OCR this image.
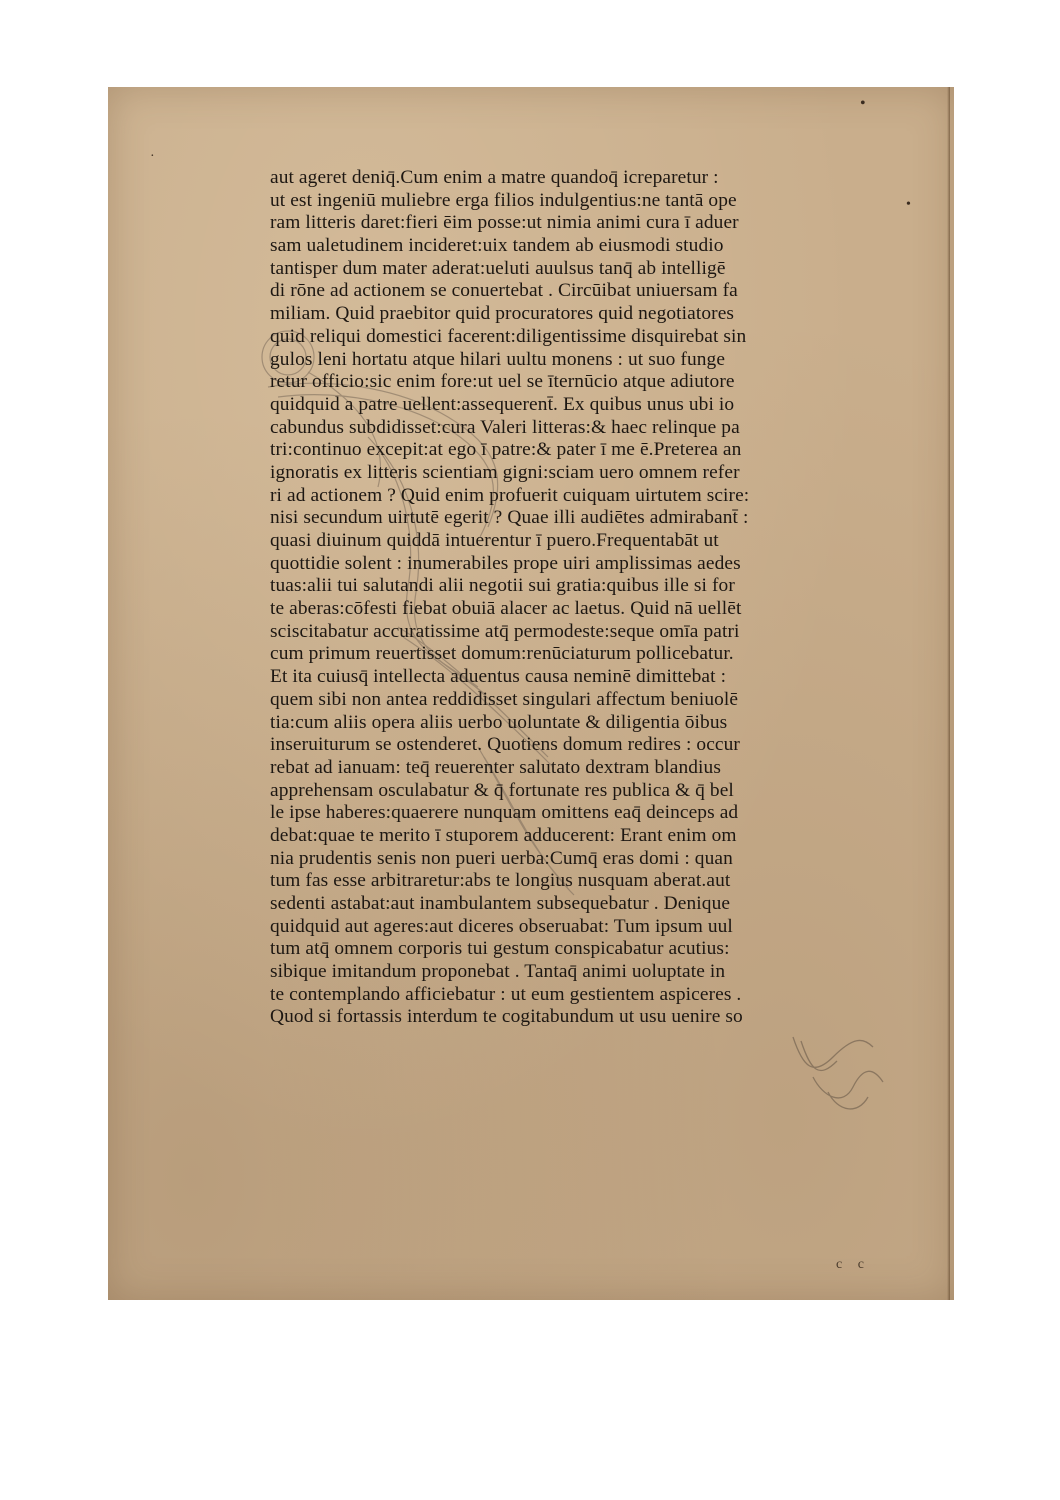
·
•
•
aut ageret deniq̄.Cum enim a matre quandoq̄ icreparetur :
ut est ingeniū muliebre erga filios indulgentius:ne tantā ope
ram litteris daret:fieri ēim posse:ut nimia animi cura ī aduer
sam ualetudinem incideret:uix tandem ab eiusmodi studio
tantisper dum mater aderat:ueluti auulsus tanq̄ ab intelligē
di rōne ad actionem se conuertebat . Circūibat uniuersam fa
miliam. Quid praebitor quid procuratores quid negotiatores
quid reliqui domestici facerent:diligentissime disquirebat sin
gulos leni hortatu atque hilari uultu monens : ut suo funge
retur officio:sic enim fore:ut uel se īternūcio atque adiutore
quidquid a patre uellent:assequerent̄. Ex quibus unus ubi io
cabundus subdidisset:cura Valeri litteras:& haec relinque pa
tri:continuo excepit:at ego ī patre:& pater ī me ē.Preterea an
ignoratis ex litteris scientiam gigni:sciam uero omnem refer
ri ad actionem ? Quid enim profuerit cuiquam uirtutem scire:
nisi secundum uirtutē egerit ? Quae illi audiētes admirabant̄ :
quasi diuinum quiddā intuerentur ī puero.Frequentabāt ut
quottidie solent : inumerabiles prope uiri amplissimas aedes
tuas:alii tui salutandi alii negotii sui gratia:quibus ille si for
te aberas:cōfesti fiebat obuiā alacer ac laetus. Quid nā uellēt
sciscitabatur accuratissime atq̄ permodeste:seque omīa patri
cum primum reuertisset domum:renūciaturum pollicebatur.
Et ita cuiusq̄ intellecta aduentus causa neminē dimittebat :
quem sibi non antea reddidisset singulari affectum beniuolē
tia:cum aliis opera aliis uerbo uoluntate & diligentia ōibus
inseruiturum se ostenderet. Quotiens domum redires : occur
rebat ad ianuam: teq̄ reuerenter salutato dextram blandius
apprehensam osculabatur & q̄ fortunate res publica & q̄ bel
le ipse haberes:quaerere nunquam omittens eaq̄ deinceps ad
debat:quae te merito ī stuporem adducerent: Erant enim om
nia prudentis senis non pueri uerba:Cumq̄ eras domi : quan
tum fas esse arbitraretur:abs te longius nusquam aberat.aut
sedenti astabat:aut inambulantem subsequebatur . Denique
quidquid aut ageres:aut diceres obseruabat: Tum ipsum uul
tum atq̄ omnem corporis tui gestum conspicabatur acutius:
sibique imitandum proponebat . Tantaq̄ animi uoluptate in
te contemplando afficiebatur : ut eum gestientem aspiceres .
Quod si fortassis interdum te cogitabundum ut usu uenire so
c c
